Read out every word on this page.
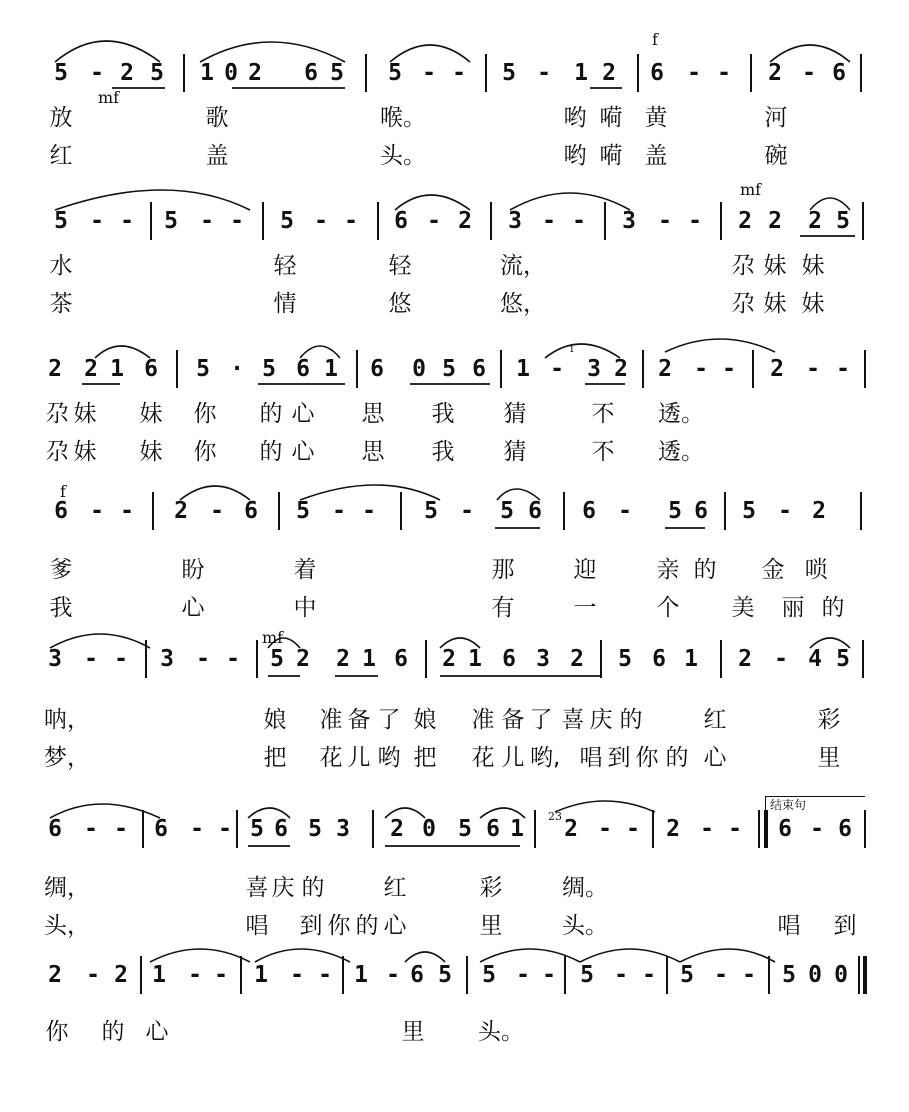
5 - 2 5 1 0 2 6 5 5 - - 5 - 1 2 6 - - 2 - 6
mf
f
放	歌	喉。	哟 嗬 黄	河
红	盖	头。	哟 嗬 盖	碗
5 - - 5 - - 5 - - 6 - 2 3 - - 3 - - 2 2 2 5
mf
水	轻	轻	流，	尕 妹 妹
茶	情	悠	悠，	尕 妹 妹
2 2 1 6 5 · 5 6 1 6 0 5 6 1 - 3 2 2 - - 2 - -
i
尕 妹 妹 你 的 心 思 我 猜	不 透。
尕 妹 妹 你 的 心 思 我 猜	不 透。
6 - - 2 - 6 5 - - 5 - 5 6 6 - 5 6 5 - 2
f
爹	盼	着	那	迎	亲 的 金 唢
我	心	中	有	一	个 美 丽 的
3 - - 3 - - 5 2 2 1 6 2 1 6 3 2 5 6 1 2 - 4 5
mf
呐，	娘 准 备 了 娘 准 备 了 喜 庆 的	红	彩
梦，	把 花 儿 哟 把 花 儿 哟, 唱 到 你 的 心	里
结束句
6 - - 6 - - 5 6 5 3 2 0 5 6 1 2 - - 2 - - 6 - 6
23
绸，	喜 庆 的	红	彩	绸。
头，	唱 到 你 的 心	里	头。	唱 到
2 - 2 1 - - 1 - - 1 - 6 5 5 - - 5 - - 5 - - 5 0 0
你 的 心	里 头。
